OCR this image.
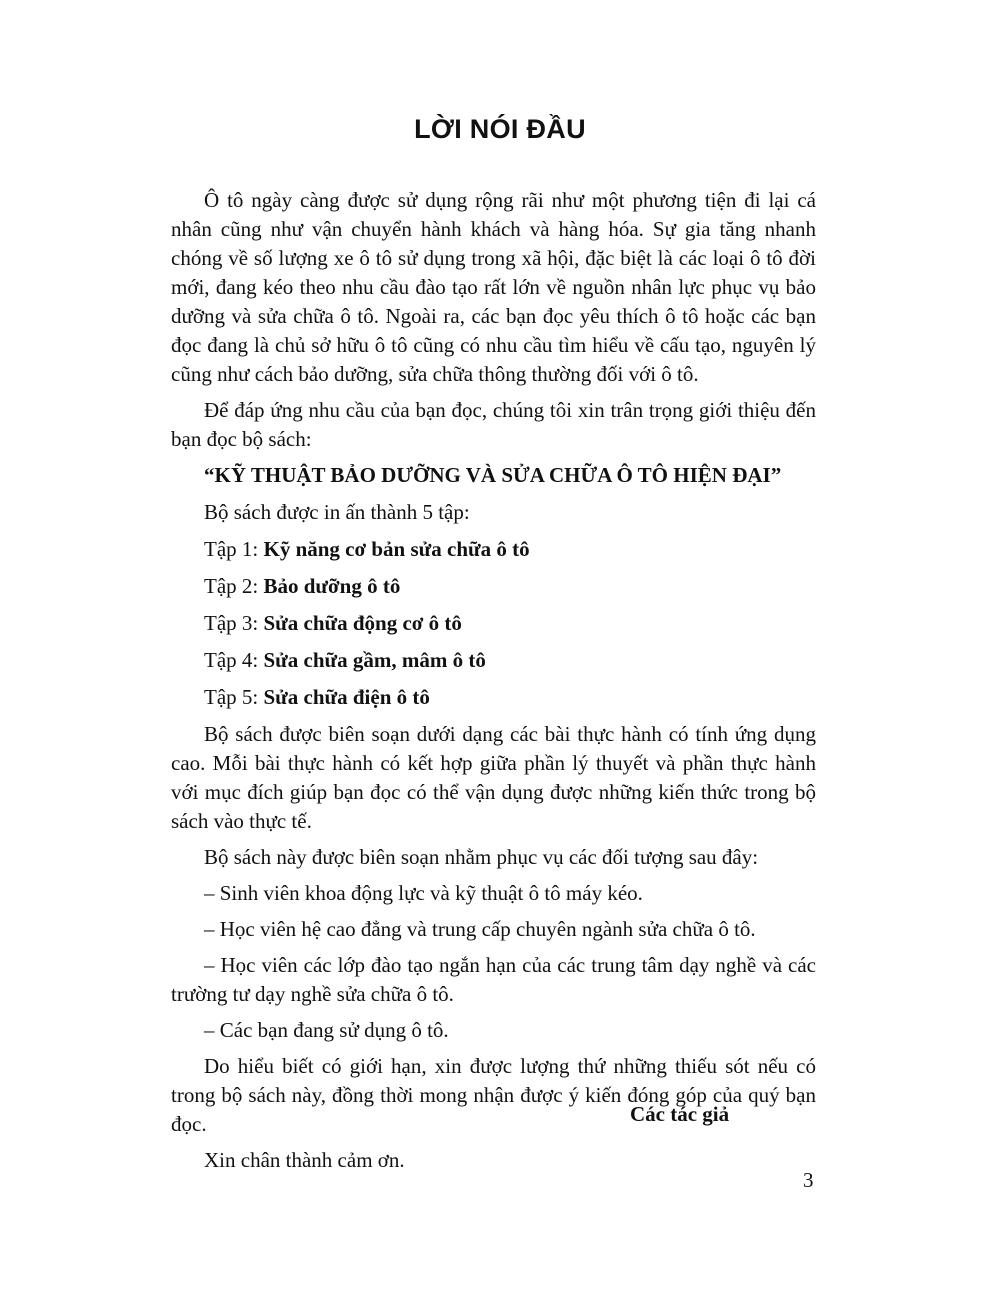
LỜI NÓI ĐẦU

Ô tô ngày càng được sử dụng rộng rãi như một phương tiện đi lại cá nhân cũng như vận chuyển hành khách và hàng hóa. Sự gia tăng nhanh chóng về số lượng xe ô tô sử dụng trong xã hội, đặc biệt là các loại ô tô đời mới, đang kéo theo nhu cầu đào tạo rất lớn về nguồn nhân lực phục vụ bảo dưỡng và sửa chữa ô tô. Ngoài ra, các bạn đọc yêu thích ô tô hoặc các bạn đọc đang là chủ sở hữu ô tô cũng có nhu cầu tìm hiểu về cấu tạo, nguyên lý cũng như cách bảo dưỡng, sửa chữa thông thường đối với ô tô.

Để đáp ứng nhu cầu của bạn đọc, chúng tôi xin trân trọng giới thiệu đến bạn đọc bộ sách:

“KỸ THUẬT BẢO DƯỠNG VÀ SỬA CHỮA Ô TÔ HIỆN ĐẠI”
Bộ sách được in ấn thành 5 tập:
Tập 1: Kỹ năng cơ bản sửa chữa ô tô
Tập 2: Bảo dưỡng ô tô
Tập 3: Sửa chữa động cơ ô tô
Tập 4: Sửa chữa gầm, mâm ô tô
Tập 5: Sửa chữa điện ô tô

Bộ sách được biên soạn dưới dạng các bài thực hành có tính ứng dụng cao. Mỗi bài thực hành có kết hợp giữa phần lý thuyết và phần thực hành với mục đích giúp bạn đọc có thể vận dụng được những kiến thức trong bộ sách vào thực tế.

Bộ sách này được biên soạn nhằm phục vụ các đối tượng sau đây:

– Sinh viên khoa động lực và kỹ thuật ô tô máy kéo.

– Học viên hệ cao đẳng và trung cấp chuyên ngành sửa chữa ô tô.

– Học viên các lớp đào tạo ngắn hạn của các trung tâm dạy nghề và các trường tư dạy nghề sửa chữa ô tô.

– Các bạn đang sử dụng ô tô.

Do hiểu biết có giới hạn, xin được lượng thứ những thiếu sót nếu có trong bộ sách này, đồng thời mong nhận được ý kiến đóng góp của quý bạn đọc.

Xin chân thành cảm ơn.

Các tác giả
3
